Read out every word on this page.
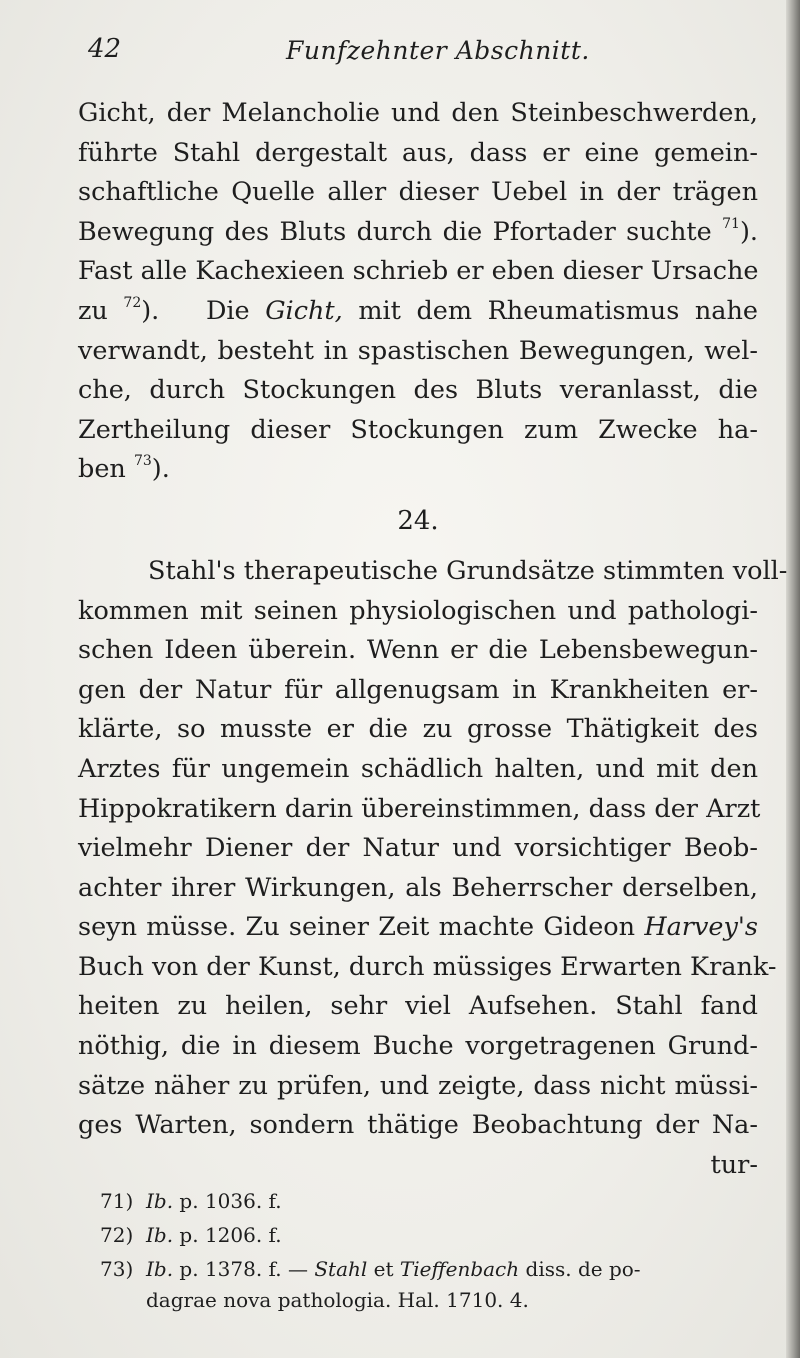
42	Funfzehnter Abschnitt.
Gicht, der Melancholie und den Steinbeschwerden,
führte Stahl dergestalt aus, dass er eine gemein-
schaftliche Quelle aller dieser Uebel in der trägen
Bewegung des Bluts durch die Pfortader suchte $^{71}$).
Fast alle Kachexieen schrieb er eben dieser Ursache
zu $^{72}$). Die Gicht, mit dem Rheumatismus nahe
verwandt, besteht in spastischen Bewegungen, wel-
che, durch Stockungen des Bluts veranlasst, die
Zertheilung dieser Stockungen zum Zwecke ha-
ben $^{73}$).
24.
Stahl's therapeutische Grundsätze stimmten voll-
kommen mit seinen physiologischen und pathologi-
schen Ideen überein. Wenn er die Lebensbewegun-
gen der Natur für allgenugsam in Krankheiten er-
klärte, so musste er die zu grosse Thätigkeit des
Arztes für ungemein schädlich halten, und mit den
Hippokratikern darin übereinstimmen, dass der Arzt
vielmehr Diener der Natur und vorsichtiger Beob-
achter ihrer Wirkungen, als Beherrscher derselben,
seyn müsse. Zu seiner Zeit machte Gideon Harvey's
Buch von der Kunst, durch müssiges Erwarten Krank-
heiten zu heilen, sehr viel Aufsehen. Stahl fand
nöthig, die in diesem Buche vorgetragenen Grund-
sätze näher zu prüfen, und zeigte, dass nicht müssi-
ges Warten, sondern thätige Beobachtung der Na-
tur-
71) Ib. p. 1036. f.
72) Ib. p. 1206. f.
73) Ib. p. 1378. f. — Stahl et Tieffenbach diss. de po-
dagrae nova pathologia. Hal. 1710. 4.
